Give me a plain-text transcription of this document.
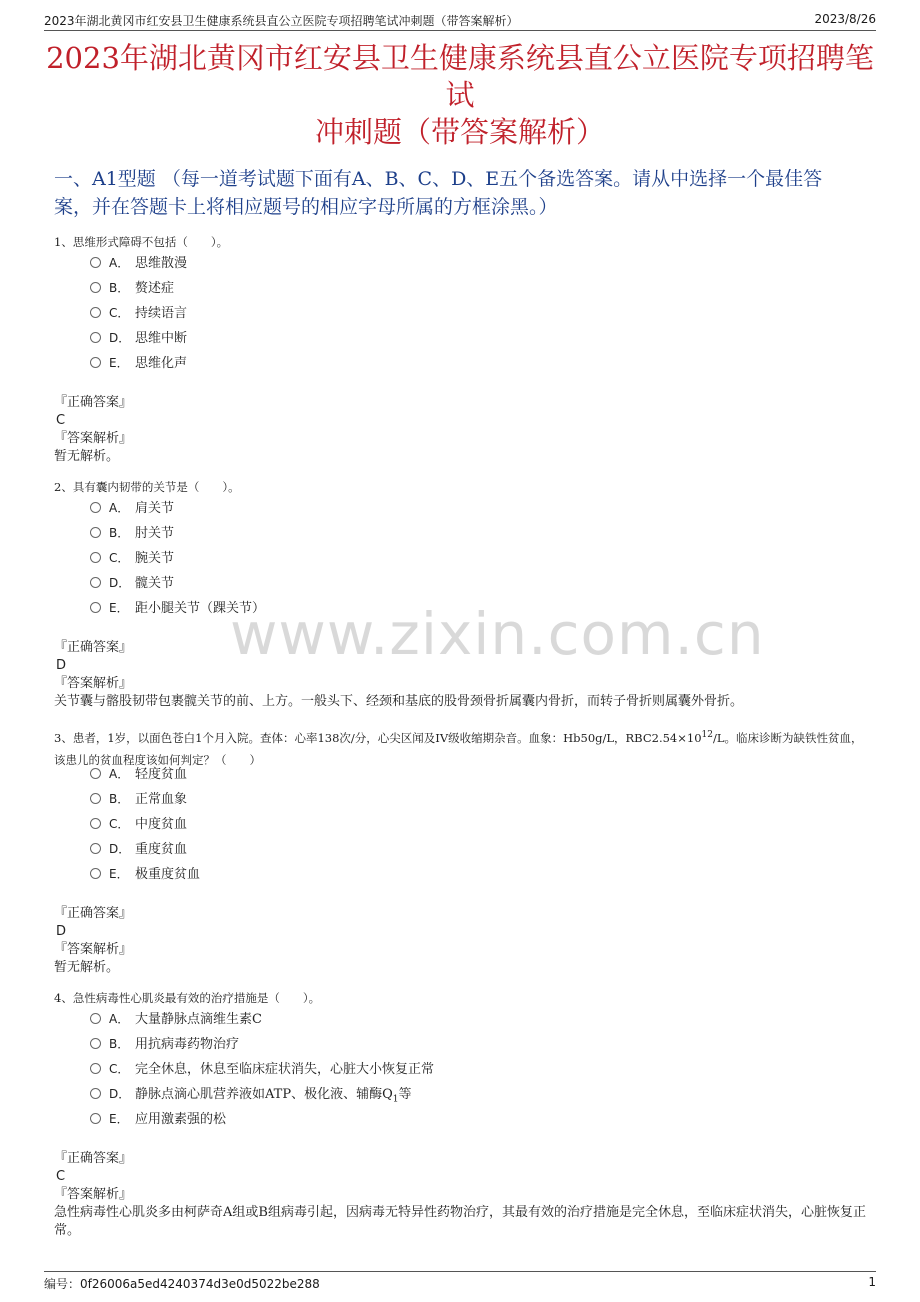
2023年湖北黄冈市红安县卫生健康系统县直公立医院专项招聘笔试冲刺题（带答案解析）	2023/8/26
2023年湖北黄冈市红安县卫生健康系统县直公立医院专项招聘笔试
冲刺题（带答案解析）
一、A1型题 （每一道考试题下面有A、B、C、D、E五个备选答案。请从中选择一个最佳答案，并在答题卡上将相应题号的相应字母所属的方框涂黑。）
www.zixin.com.cn
1、思维形式障碍不包括（　　）。
A． 思维散漫
B． 赘述症
C． 持续语言
D． 思维中断
E． 思维化声
『正确答案』
C
『答案解析』
暂无解析。
2、具有囊内韧带的关节是（　　）。
A． 肩关节
B． 肘关节
C． 腕关节
D． 髋关节
E． 距小腿关节（踝关节）
『正确答案』
D
『答案解析』
关节囊与髂股韧带包裹髋关节的前、上方。一般头下、经颈和基底的股骨颈骨折属囊内骨折，而转子骨折则属囊外骨折。
3、患者，1岁，以面色苍白1个月入院。查体：心率138次/分，心尖区闻及IV级收缩期杂音。血象：Hb50g/L，$RBC2.54\times 10^{12}/L$。临床诊断为缺铁性贫血，该患儿的贫血程度该如何判定？（　　）
A． 轻度贫血
B． 正常血象
C． 中度贫血
D． 重度贫血
E． 极重度贫血
『正确答案』
D
『答案解析』
暂无解析。
4、急性病毒性心肌炎最有效的治疗措施是（　　）。
A． 大量静脉点滴维生素C
B． 用抗病毒药物治疗
C． 完全休息，休息至临床症状消失，心脏大小恢复正常
D． 静脉点滴心肌营养液如ATP、极化液、辅酶$Q_1$等
E． 应用激素强的松
『正确答案』
C
『答案解析』
急性病毒性心肌炎多由柯萨奇A组或B组病毒引起，因病毒无特异性药物治疗，其最有效的治疗措施是完全休息，至临床症状消失，心脏恢复正常。
编号：0f26006a5ed4240374d3e0d5022be288	1
